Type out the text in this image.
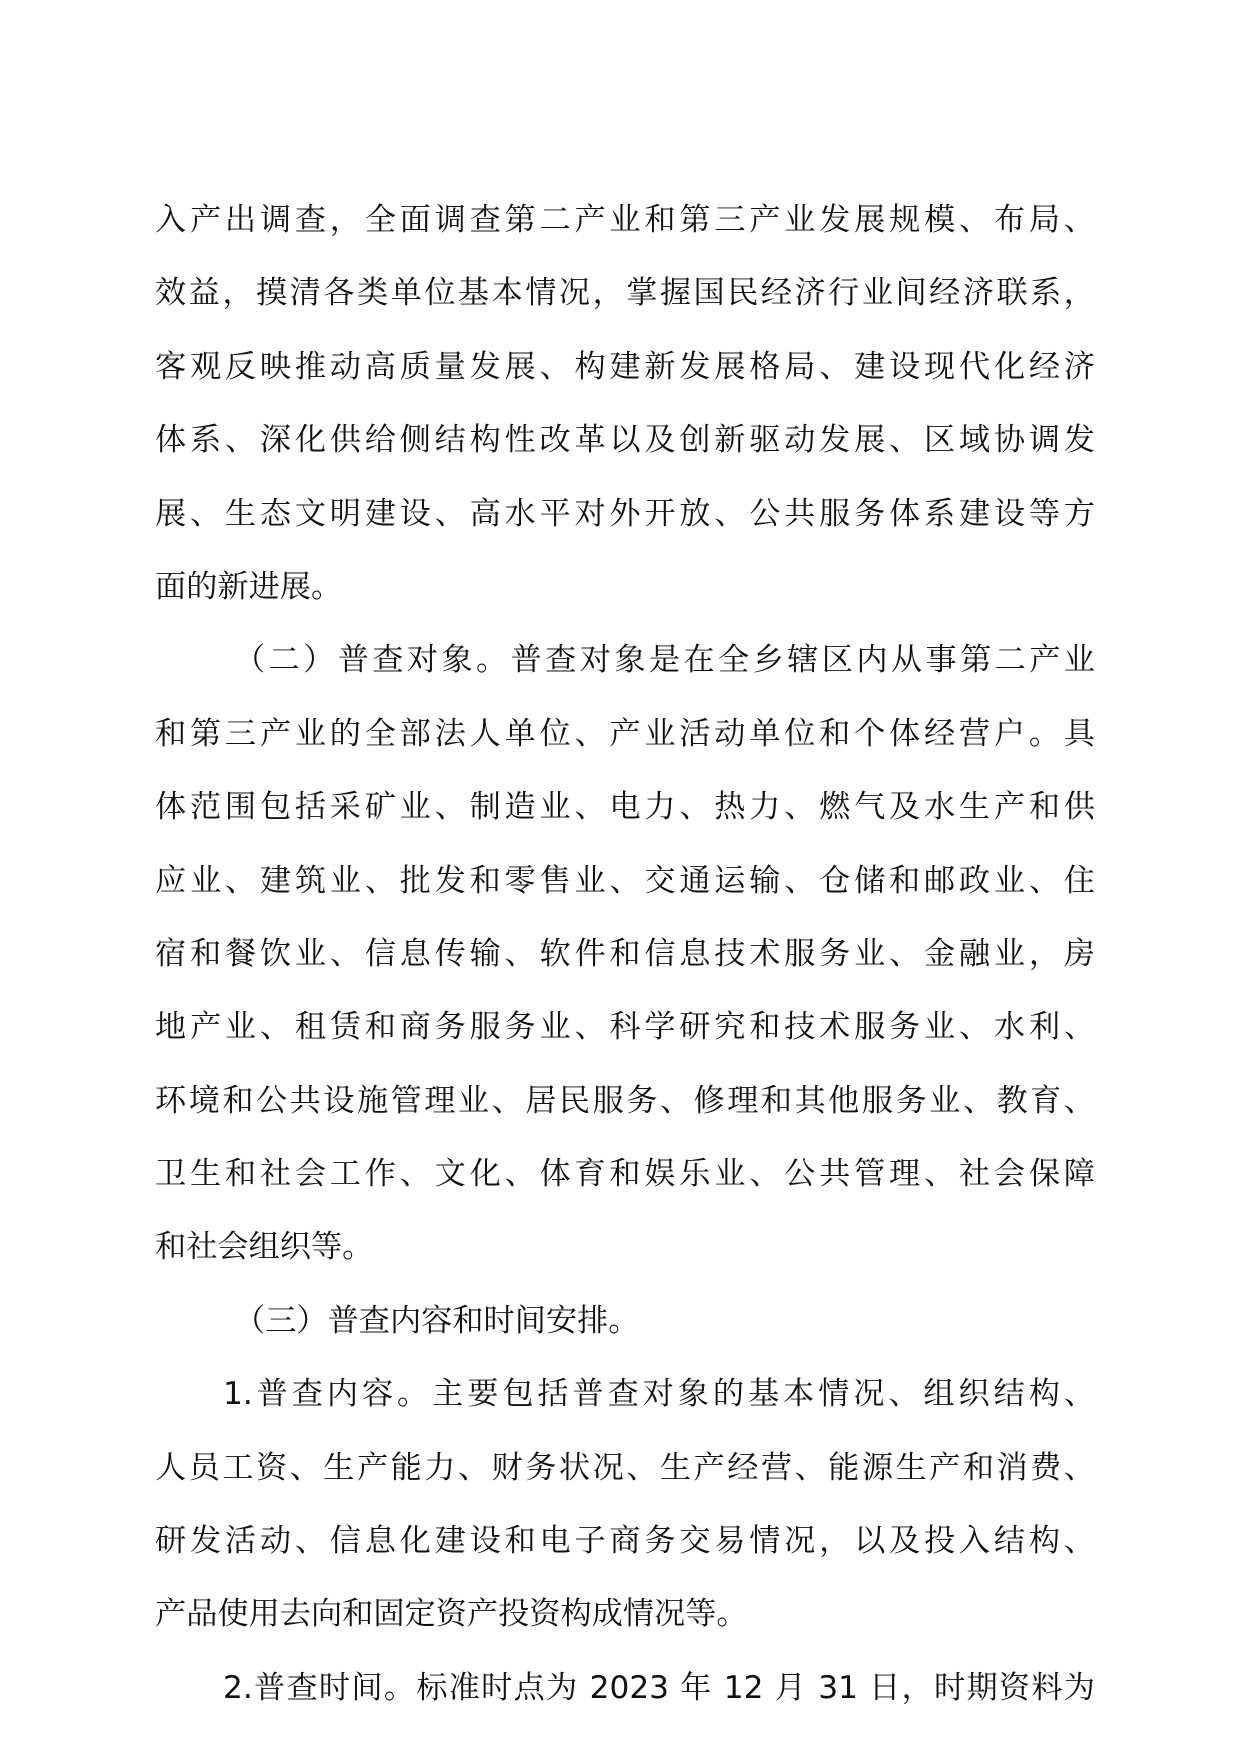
入产出调查，全面调查第二产业和第三产业发展规模、布局、
效益，摸清各类单位基本情况，掌握国民经济行业间经济联系，
客观反映推动高质量发展、构建新发展格局、建设现代化经济
体系、深化供给侧结构性改革以及创新驱动发展、区域协调发
展、生态文明建设、高水平对外开放、公共服务体系建设等方
面的新进展。
（二）普查对象。普查对象是在全乡辖区内从事第二产业
和第三产业的全部法人单位、产业活动单位和个体经营户。具
体范围包括采矿业、制造业、电力、热力、燃气及水生产和供
应业、建筑业、批发和零售业、交通运输、仓储和邮政业、住
宿和餐饮业、信息传输、软件和信息技术服务业、金融业，房
地产业、租赁和商务服务业、科学研究和技术服务业、水利、
环境和公共设施管理业、居民服务、修理和其他服务业、教育、
卫生和社会工作、文化、体育和娱乐业、公共管理、社会保障
和社会组织等。
（三）普查内容和时间安排。
1.普查内容。主要包括普查对象的基本情况、组织结构、
人员工资、生产能力、财务状况、生产经营、能源生产和消费、
研发活动、信息化建设和电子商务交易情况，以及投入结构、
产品使用去向和固定资产投资构成情况等。
2.普查时间。标准时点为 2023 年 12 月 31 日，时期资料为
